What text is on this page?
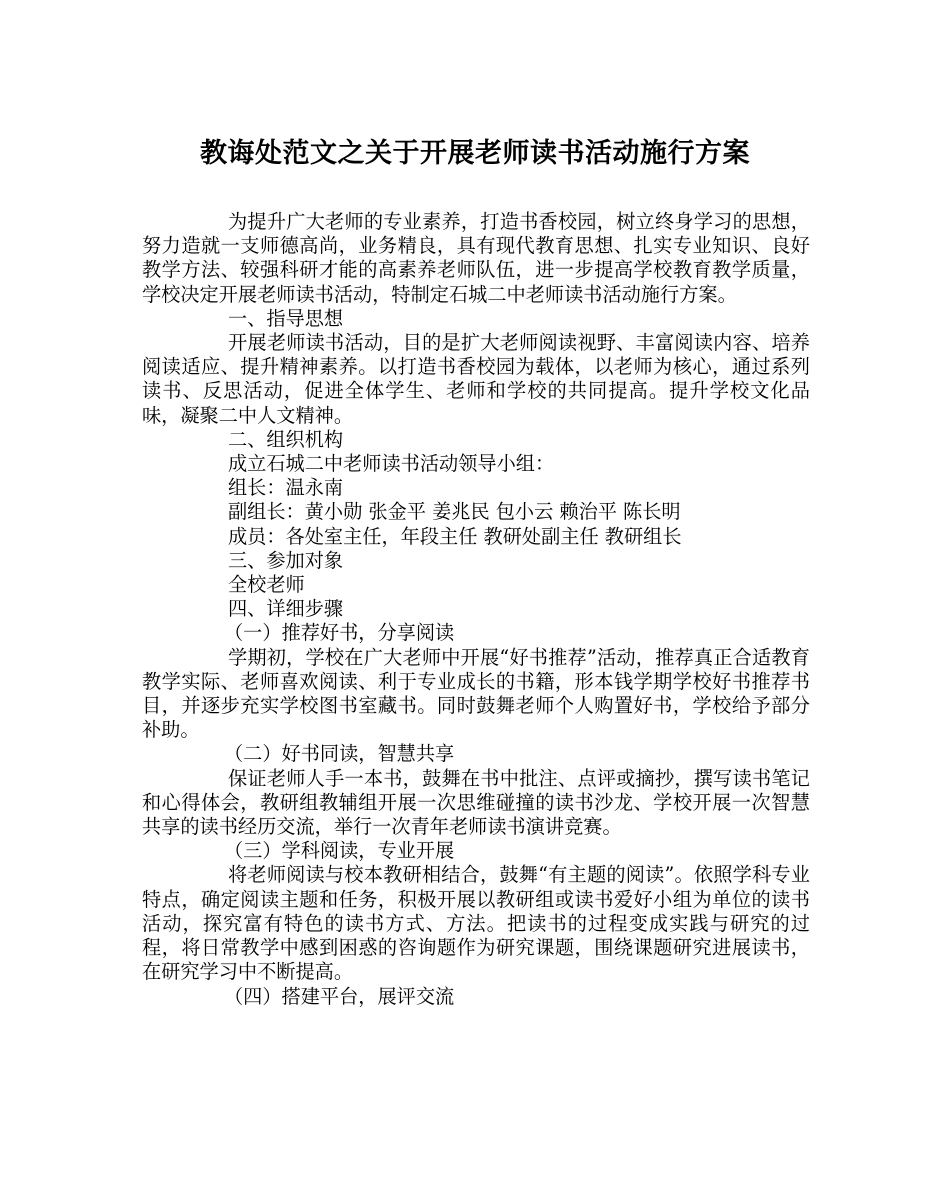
教诲处范文之关于开展老师读书活动施行方案

为提升广大老师的专业素养，打造书香校园，树立终身学习的思想，努力造就一支师德高尚，业务精良，具有现代教育思想、扎实专业知识、良好教学方法、较强科研才能的高素养老师队伍，进一步提高学校教育教学质量，学校决定开展老师读书活动，特制定石城二中老师读书活动施行方案。

一、指导思想

开展老师读书活动，目的是扩大老师阅读视野、丰富阅读内容、培养阅读适应、提升精神素养。以打造书香校园为载体，以老师为核心，通过系列读书、反思活动，促进全体学生、老师和学校的共同提高。提升学校文化品味，凝聚二中人文精神。

二、组织机构

成立石城二中老师读书活动领导小组：

组长：温永南

副组长：黄小勋 张金平 姜兆民 包小云 赖治平 陈长明

成员：各处室主任，年段主任 教研处副主任 教研组长

三、参加对象

全校老师

四、详细步骤

（一）推荐好书，分享阅读

学期初，学校在广大老师中开展“好书推荐”活动，推荐真正合适教育教学实际、老师喜欢阅读、利于专业成长的书籍，形本钱学期学校好书推荐书目，并逐步充实学校图书室藏书。同时鼓舞老师个人购置好书，学校给予部分补助。

（二）好书同读，智慧共享

保证老师人手一本书，鼓舞在书中批注、点评或摘抄，撰写读书笔记和心得体会，教研组教辅组开展一次思维碰撞的读书沙龙、学校开展一次智慧共享的读书经历交流，举行一次青年老师读书演讲竞赛。

（三）学科阅读，专业开展

将老师阅读与校本教研相结合，鼓舞“有主题的阅读”。依照学科专业特点，确定阅读主题和任务，积极开展以教研组或读书爱好小组为单位的读书活动，探究富有特色的读书方式、方法。把读书的过程变成实践与研究的过程，将日常教学中感到困惑的咨询题作为研究课题，围绕课题研究进展读书，在研究学习中不断提高。

（四）搭建平台，展评交流
